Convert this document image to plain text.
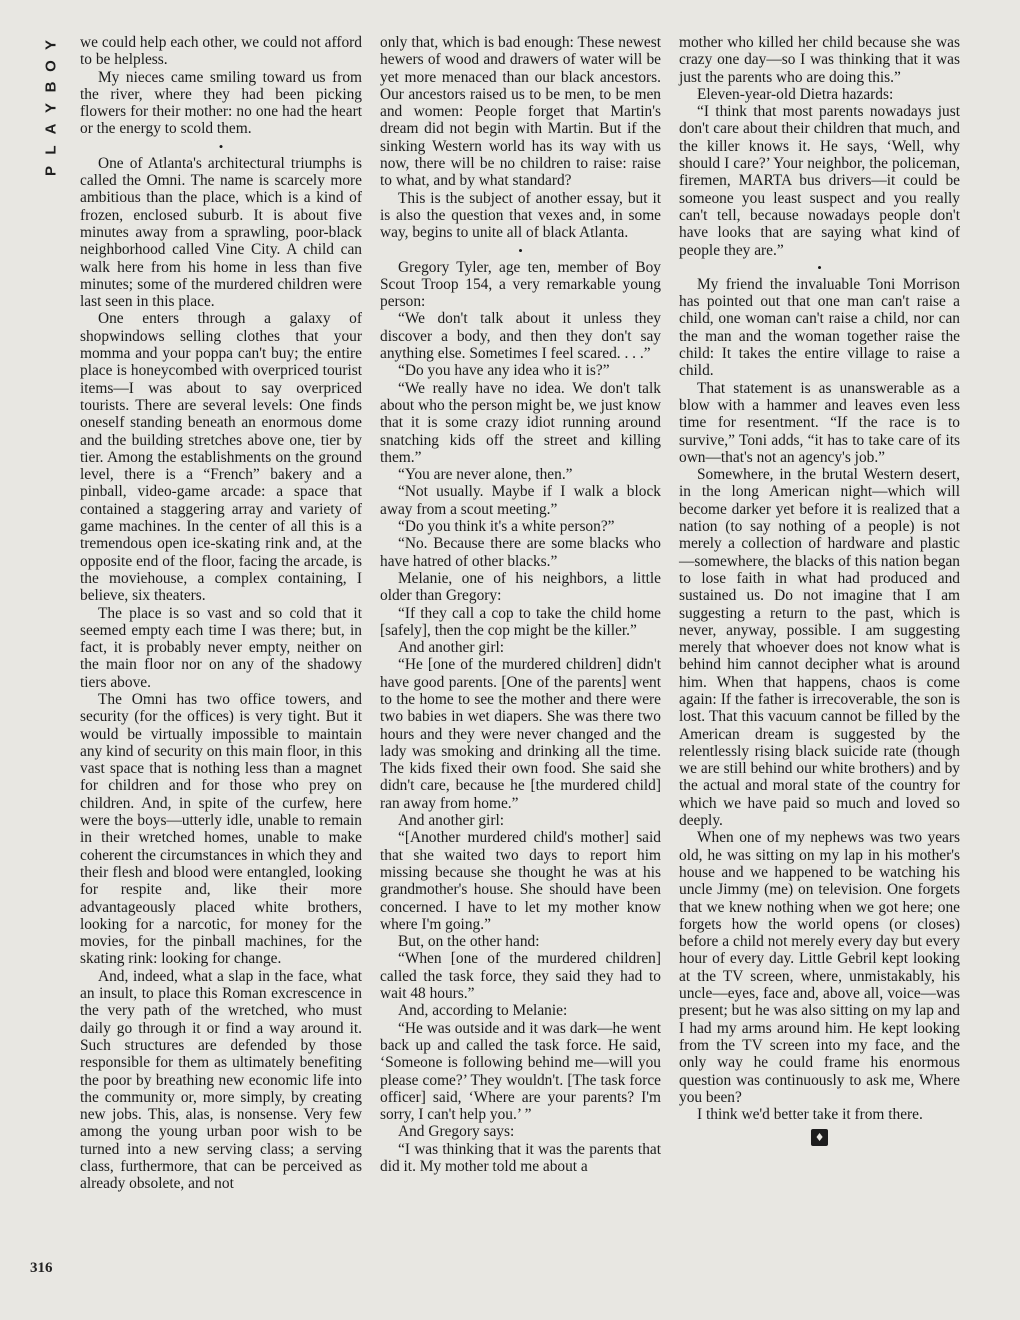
Y
O
B
Y
A
L
P

we could help each other, we could not afford to be helpless.

My nieces came smiling toward us from the river, where they had been picking flowers for their mother: no one had the heart or the energy to scold them.

•

One of Atlanta's architectural triumphs is called the Omni. The name is scarcely more ambitious than the place, which is a kind of frozen, enclosed suburb. It is about five minutes away from a sprawling, poor-black neighborhood called Vine City. A child can walk here from his home in less than five minutes; some of the murdered children were last seen in this place.

One enters through a galaxy of shopwindows selling clothes that your momma and your poppa can't buy; the entire place is honeycombed with overpriced tourist items—I was about to say overpriced tourists. There are several levels: One finds oneself standing beneath an enormous dome and the building stretches above one, tier by tier. Among the establishments on the ground level, there is a “French” bakery and a pinball, video-game arcade: a space that contained a staggering array and variety of game machines. In the center of all this is a tremendous open ice-skating rink and, at the opposite end of the floor, facing the arcade, is the moviehouse, a complex containing, I believe, six theaters.

The place is so vast and so cold that it seemed empty each time I was there; but, in fact, it is probably never empty, neither on the main floor nor on any of the shadowy tiers above.

The Omni has two office towers, and security (for the offices) is very tight. But it would be virtually impossible to maintain any kind of security on this main floor, in this vast space that is nothing less than a magnet for children and for those who prey on children. And, in spite of the curfew, here were the boys—utterly idle, unable to remain in their wretched homes, unable to make coherent the circumstances in which they and their flesh and blood were entangled, looking for respite and, like their more advantageously placed white brothers, looking for a narcotic, for money for the movies, for the pinball machines, for the skating rink: looking for change.

And, indeed, what a slap in the face, what an insult, to place this Roman excrescence in the very path of the wretched, who must daily go through it or find a way around it. Such structures are defended by those responsible for them as ultimately benefiting the poor by breathing new economic life into the community or, more simply, by creating new jobs. This, alas, is nonsense. Very few among the young urban poor wish to be turned into a new serving class; a serving class, furthermore, that can be perceived as already obsolete, and not

only that, which is bad enough: These newest hewers of wood and drawers of water will be yet more menaced than our black ancestors. Our ancestors raised us to be men, to be men and women: People forget that Martin's dream did not begin with Martin. But if the sinking Western world has its way with us now, there will be no children to raise: raise to what, and by what standard?

This is the subject of another essay, but it is also the question that vexes and, in some way, begins to unite all of black Atlanta.

•

Gregory Tyler, age ten, member of Boy Scout Troop 154, a very remarkable young person:

“We don't talk about it unless they discover a body, and then they don't say anything else. Sometimes I feel scared. . . .”

“Do you have any idea who it is?”

“We really have no idea. We don't talk about who the person might be, we just know that it is some crazy idiot running around snatching kids off the street and killing them.”

“You are never alone, then.”

“Not usually. Maybe if I walk a block away from a scout meeting.”

“Do you think it's a white person?”

“No. Because there are some blacks who have hatred of other blacks.”

Melanie, one of his neighbors, a little older than Gregory:

“If they call a cop to take the child home [safely], then the cop might be the killer.”

And another girl:

“He [one of the murdered children] didn't have good parents. [One of the parents] went to the home to see the mother and there were two babies in wet diapers. She was there two hours and they were never changed and the lady was smoking and drinking all the time. The kids fixed their own food. She said she didn't care, because he [the murdered child] ran away from home.”

And another girl:

“[Another murdered child's mother] said that she waited two days to report him missing because she thought he was at his grandmother's house. She should have been concerned. I have to let my mother know where I'm going.”

But, on the other hand:

“When [one of the murdered children] called the task force, they said they had to wait 48 hours.”

And, according to Melanie:

“He was outside and it was dark—he went back up and called the task force. He said, ‘Someone is following behind me—will you please come?’ They wouldn't. [The task force officer] said, ‘Where are your parents? I'm sorry, I can't help you.’ ”

And Gregory says:

“I was thinking that it was the parents that did it. My mother told me about a

mother who killed her child because she was crazy one day—so I was thinking that it was just the parents who are doing this.”

Eleven-year-old Dietra hazards:

“I think that most parents nowadays just don't care about their children that much, and the killer knows it. He says, ‘Well, why should I care?’ Your neighbor, the policeman, firemen, MARTA bus drivers—it could be someone you least suspect and you really can't tell, because nowadays people don't have looks that are saying what kind of people they are.”

•

My friend the invaluable Toni Morrison has pointed out that one man can't raise a child, one woman can't raise a child, nor can the man and the woman together raise the child: It takes the entire village to raise a child.

That statement is as unanswerable as a blow with a hammer and leaves even less time for resentment. “If the race is to survive,” Toni adds, “it has to take care of its own—that's not an agency's job.”

Somewhere, in the brutal Western desert, in the long American night—which will become darker yet before it is realized that a nation (to say nothing of a people) is not merely a collection of hardware and plastic—somewhere, the blacks of this nation began to lose faith in what had produced and sustained us. Do not imagine that I am suggesting a return to the past, which is never, anyway, possible. I am suggesting merely that whoever does not know what is behind him cannot decipher what is around him. When that happens, chaos is come again: If the father is irrecoverable, the son is lost. That this vacuum cannot be filled by the American dream is suggested by the relentlessly rising black suicide rate (though we are still behind our white brothers) and by the actual and moral state of the country for which we have paid so much and loved so deeply.

When one of my nephews was two years old, he was sitting on my lap in his mother's house and we happened to be watching his uncle Jimmy (me) on television. One forgets that we knew nothing when we got here; one forgets how the world opens (or closes) before a child not merely every day but every hour of every day. Little Gebril kept looking at the TV screen, where, unmistakably, his uncle—eyes, face and, above all, voice—was present; but he was also sitting on my lap and I had my arms around him. He kept looking from the TV screen into my face, and the only way he could frame his enormous question was continuously to ask me, Where you been?

I think we'd better take it from there.

♦
316
